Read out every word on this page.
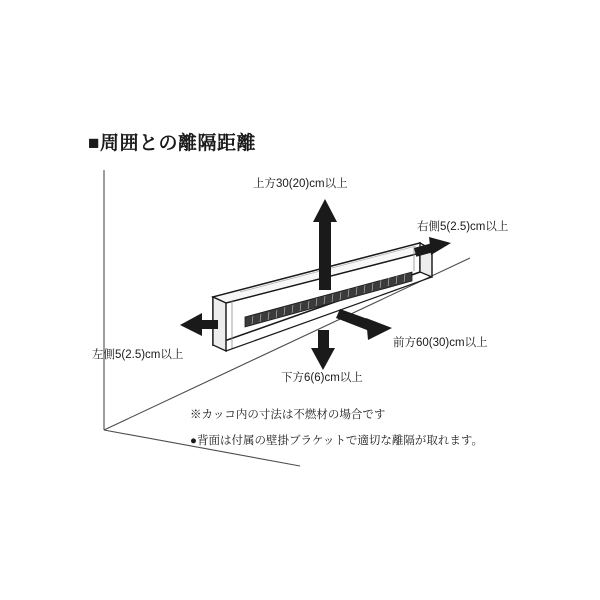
■周囲との離隔距離
上方30(20)cm以上
右側5(2.5)cm以上
前方60(30)cm以上
下方6(6)cm以上
左側5(2.5)cm以上
※カッコ内の寸法は不燃材の場合です
●背面は付属の壁掛ブラケットで適切な離隔が取れます。
